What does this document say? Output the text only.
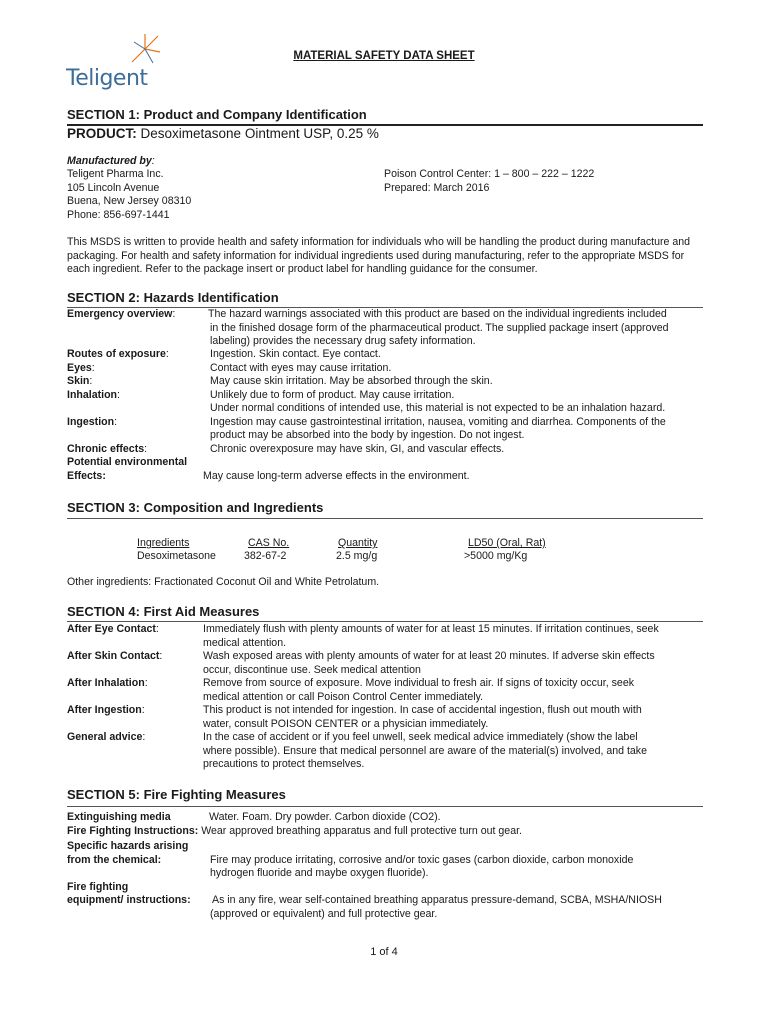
Teligent
MATERIAL SAFETY DATA SHEET
SECTION 1: Product and Company Identification
PRODUCT: Desoximetasone Ointment USP, 0.25 %
Manufactured by:
Teligent Pharma Inc.
105 Lincoln Avenue
Buena, New Jersey 08310
Phone: 856-697-1441
Poison Control Center: 1 – 800 – 222 – 1222
Prepared: March 2016
This MSDS is written to provide health and safety information for individuals who will be handling the product during manufacture and packaging. For health and safety information for individual ingredients used during manufacturing, refer to the appropriate MSDS for each ingredient. Refer to the package insert or product label for handling guidance for the consumer.
SECTION 2: Hazards Identification
Emergency overview:	The hazard warnings associated with this product are based on the individual ingredients included
in the finished dosage form of the pharmaceutical product. The supplied package insert (approved
labeling) provides the necessary drug safety information.
Routes of exposure:	Ingestion. Skin contact. Eye contact.
Eyes:	Contact with eyes may cause irritation.
Skin:	May cause skin irritation. May be absorbed through the skin.
Inhalation:	Unlikely due to form of product. May cause irritation.
Under normal conditions of intended use, this material is not expected to be an inhalation hazard.
Ingestion:	Ingestion may cause gastrointestinal irritation, nausea, vomiting and diarrhea. Components of the
product may be absorbed into the body by ingestion. Do not ingest.
Chronic effects:	Chronic overexposure may have skin, GI, and vascular effects.
Potential environmental
Effects:	May cause long-term adverse effects in the environment.
SECTION 3: Composition and Ingredients
Ingredients	CAS No.	Quantity	LD50 (Oral, Rat)
Desoximetasone	382-67-2	2.5 mg/g	>5000 mg/Kg
Other ingredients: Fractionated Coconut Oil and White Petrolatum.
SECTION 4: First Aid Measures
After Eye Contact:	Immediately flush with plenty amounts of water for at least 15 minutes. If irritation continues, seek
medical attention.
After Skin Contact:	Wash exposed areas with plenty amounts of water for at least 20 minutes. If adverse skin effects
occur, discontinue use. Seek medical attention
After Inhalation:	Remove from source of exposure. Move individual to fresh air. If signs of toxicity occur, seek
medical attention or call Poison Control Center immediately.
After Ingestion:	This product is not intended for ingestion. In case of accidental ingestion, flush out mouth with
water, consult POISON CENTER or a physician immediately.
General advice:	In the case of accident or if you feel unwell, seek medical advice immediately (show the label
where possible). Ensure that medical personnel are aware of the material(s) involved, and take
precautions to protect themselves.
SECTION 5: Fire Fighting Measures
Extinguishing media	Water. Foam. Dry powder. Carbon dioxide (CO2).
Fire Fighting Instructions: Wear approved breathing apparatus and full protective turn out gear.
Specific hazards arising
from the chemical:	Fire may produce irritating, corrosive and/or toxic gases (carbon dioxide, carbon monoxide
hydrogen fluoride and maybe oxygen fluoride).
Fire fighting
equipment/ instructions: As in any fire, wear self-contained breathing apparatus pressure-demand, SCBA, MSHA/NIOSH
(approved or equivalent) and full protective gear.
1 of 4
